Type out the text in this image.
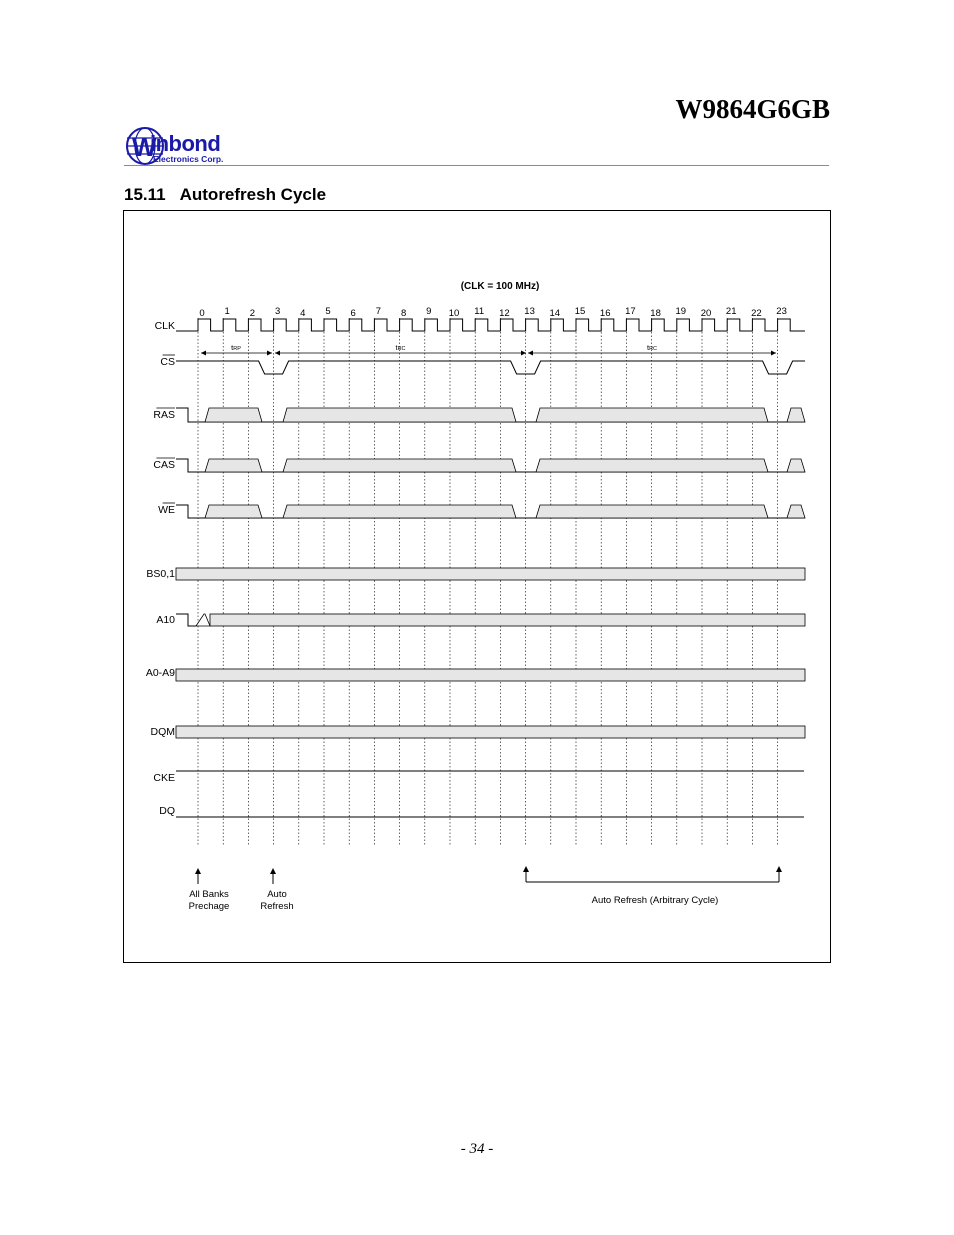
W9864G6GB
W
inbond
Electronics Corp.
15.11 Autorefresh Cycle
(CLK = 100 MHz)
0 1 2 3 4 5 6 7 8 9 10 11 12 13 14 15 16 17 18 19 20 21 22 23
CLK
CS
RAS
CAS
WE
BS0,1
A10
A0-A9
DQM
CKE
DQ
tRP	tRC	tRC
All Banks
Prechage
Auto
Refresh
Auto Refresh (Arbitrary Cycle)
- 34 -
